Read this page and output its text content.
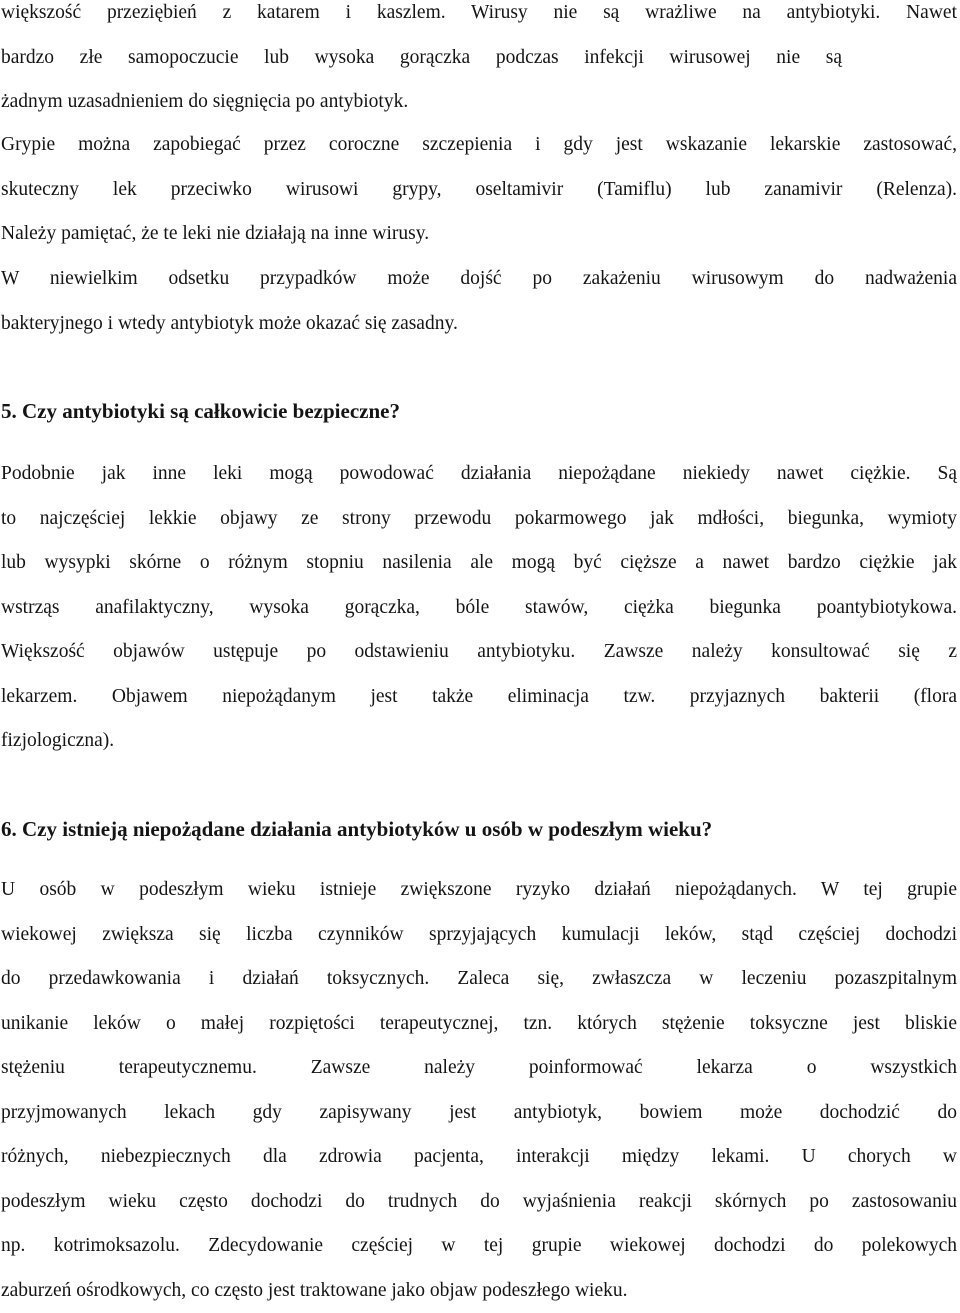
większość przeziębień z katarem i kaszlem. Wirusy nie są wrażliwe na antybiotyki. Nawet
bardzo złe samopoczucie lub wysoka gorączka podczas infekcji wirusowej nie są
żadnym uzasadnieniem do sięgnięcia po antybiotyk.
Grypie można zapobiegać przez coroczne szczepienia i gdy jest wskazanie lekarskie zastosować,
skuteczny lek przeciwko wirusowi grypy, oseltamivir (Tamiflu) lub zanamivir (Relenza).
Należy pamiętać, że te leki nie działają na inne wirusy.
W niewielkim odsetku przypadków może dojść po zakażeniu wirusowym do nadważenia
bakteryjnego i wtedy antybiotyk może okazać się zasadny.
5. Czy antybiotyki są całkowicie bezpieczne?
Podobnie jak inne leki mogą powodować działania niepożądane niekiedy nawet ciężkie. Są
to najczęściej lekkie objawy ze strony przewodu pokarmowego jak mdłości, biegunka, wymioty
lub wysypki skórne o różnym stopniu nasilenia ale mogą być cięższe a nawet bardzo ciężkie jak
wstrząs anafilaktyczny, wysoka gorączka, bóle stawów, ciężka biegunka poantybiotykowa.
Większość objawów ustępuje po odstawieniu antybiotyku. Zawsze należy konsultować się z
lekarzem. Objawem niepożądanym jest także eliminacja tzw. przyjaznych bakterii (flora
fizjologiczna).
6. Czy istnieją niepożądane działania antybiotyków u osób w podeszłym wieku?
U osób w podeszłym wieku istnieje zwiększone ryzyko działań niepożądanych. W tej grupie
wiekowej zwiększa się liczba czynników sprzyjających kumulacji leków, stąd częściej dochodzi
do przedawkowania i działań toksycznych. Zaleca się, zwłaszcza w leczeniu pozaszpitalnym
unikanie leków o małej rozpiętości terapeutycznej, tzn. których stężenie toksyczne jest bliskie
stężeniu terapeutycznemu. Zawsze należy poinformować lekarza o wszystkich
przyjmowanych lekach gdy zapisywany jest antybiotyk, bowiem może dochodzić do
różnych, niebezpiecznych dla zdrowia pacjenta, interakcji między lekami. U chorych w
podeszłym wieku często dochodzi do trudnych do wyjaśnienia reakcji skórnych po zastosowaniu
np. kotrimoksazolu. Zdecydowanie częściej w tej grupie wiekowej dochodzi do polekowych
zaburzeń ośrodkowych, co często jest traktowane jako objaw podeszłego wieku.
